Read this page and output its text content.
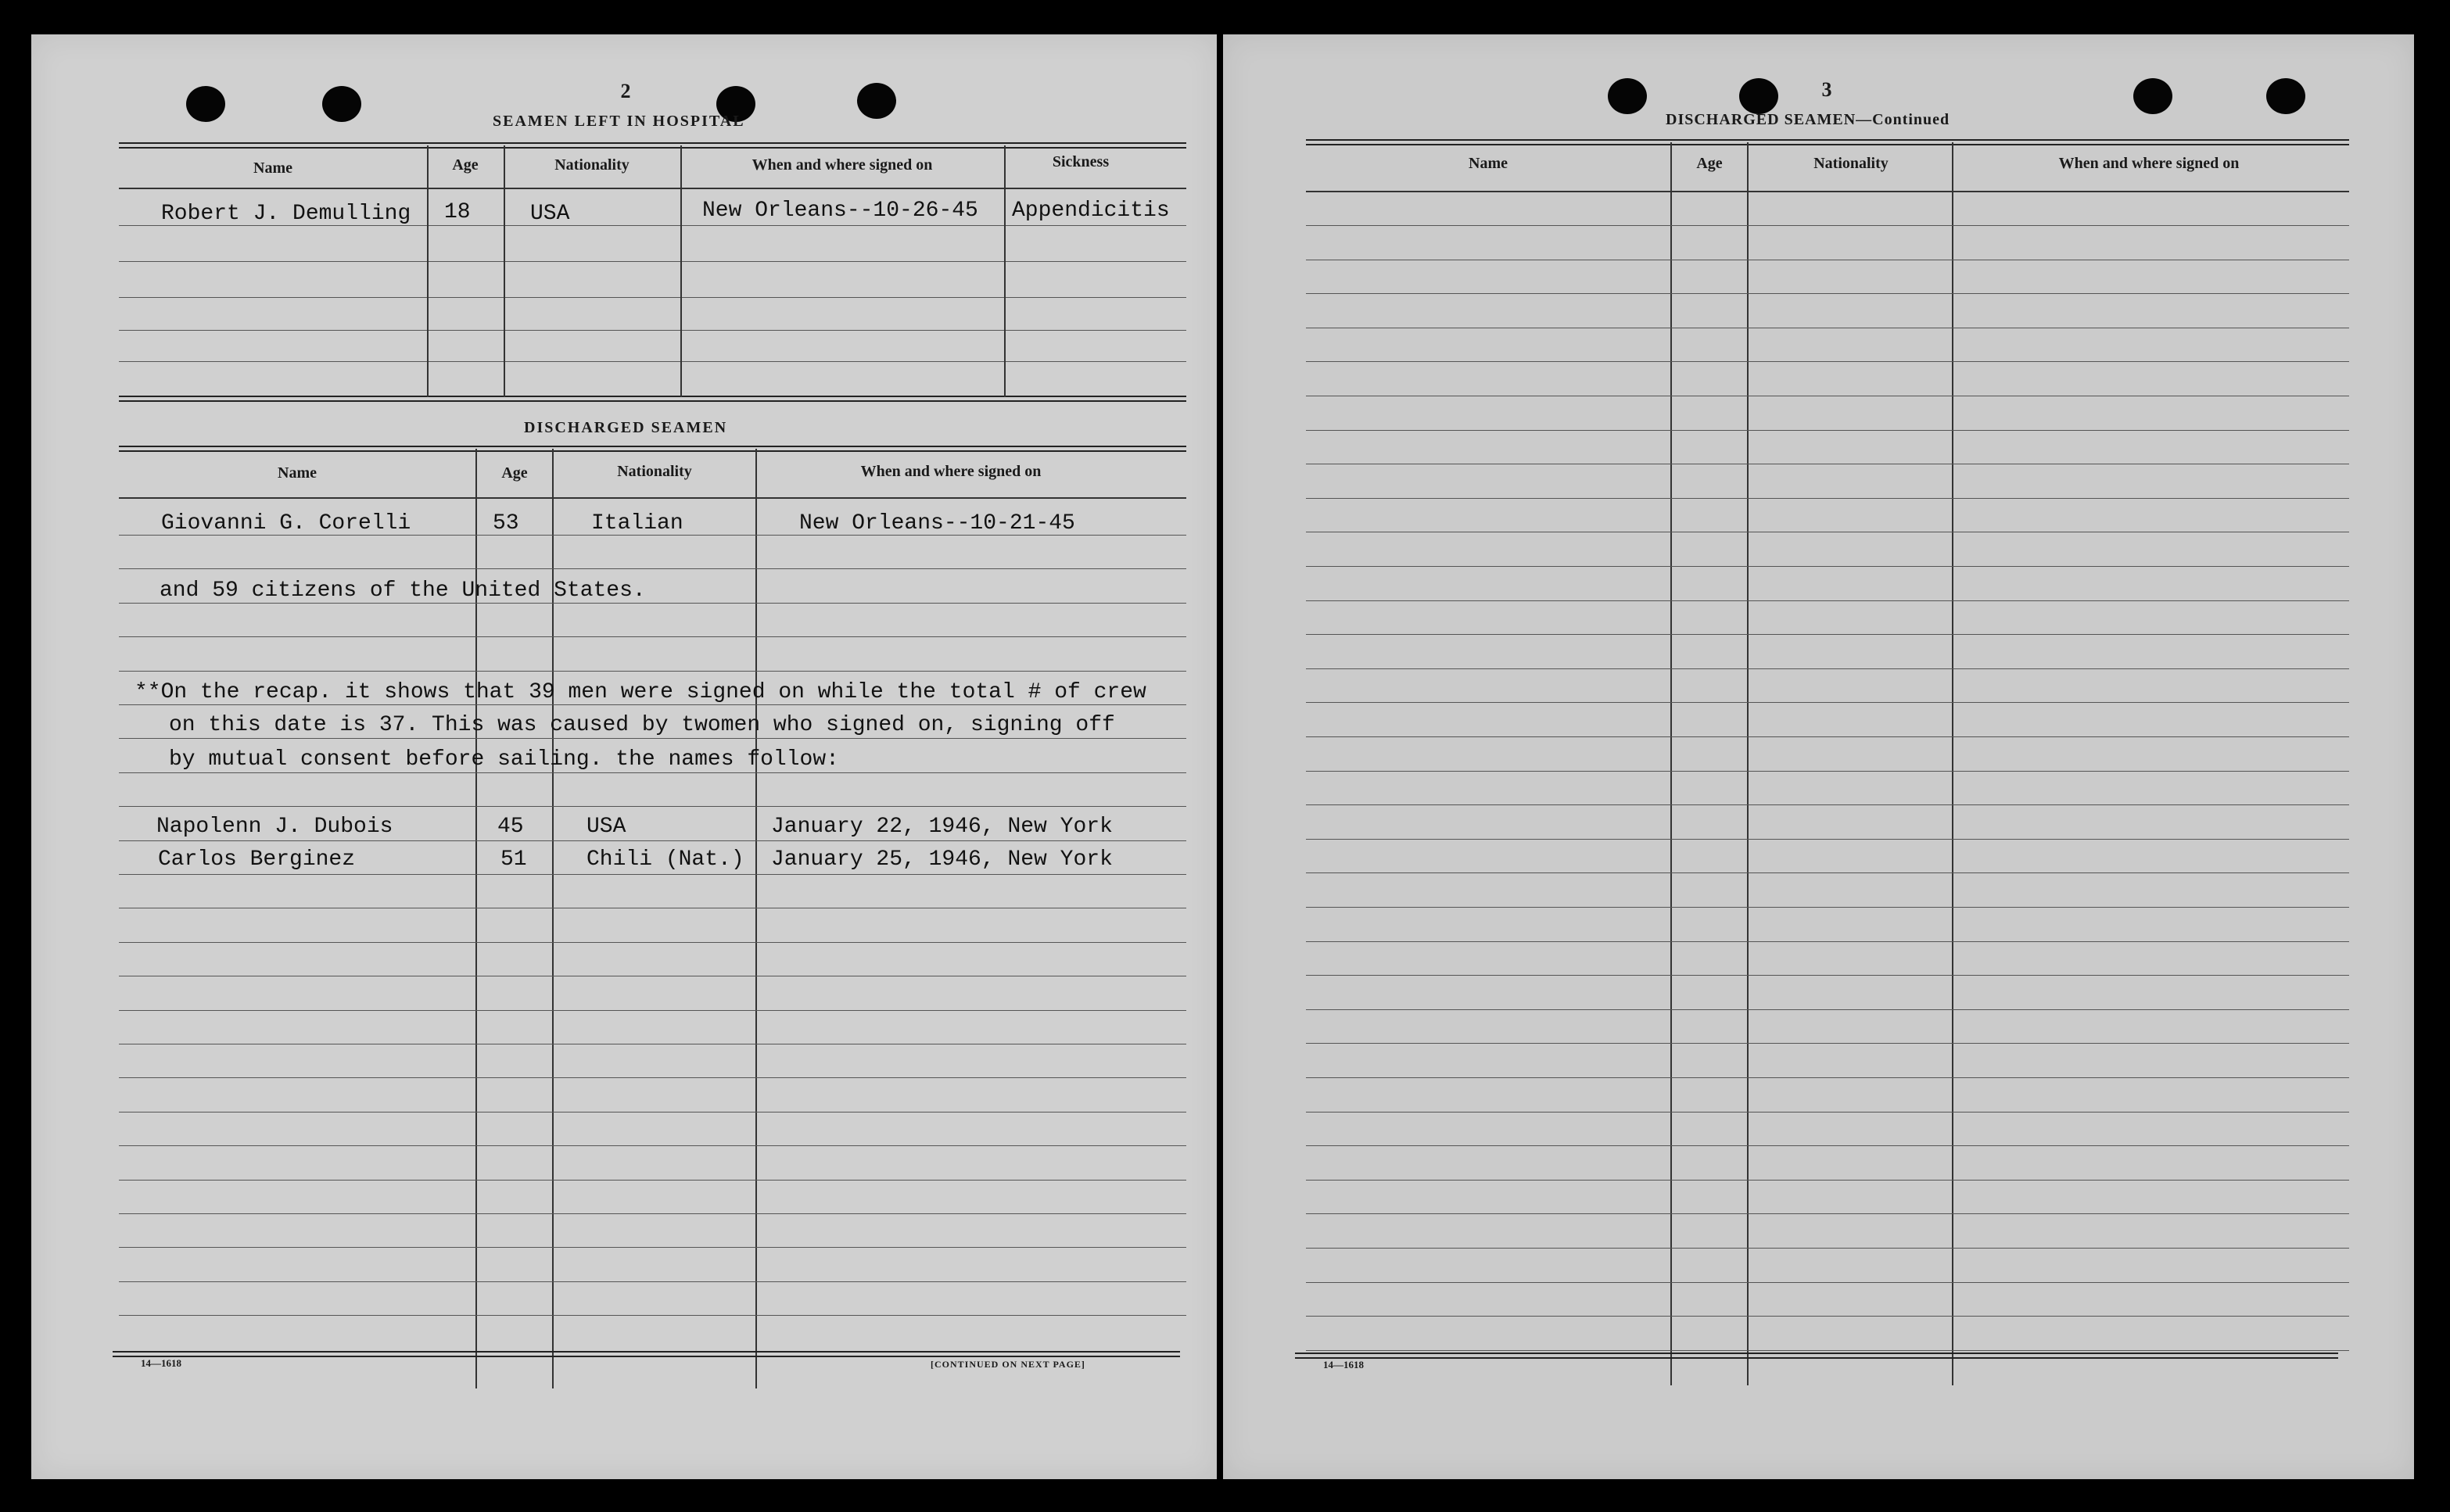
2
SEAMEN LEFT IN HOSPITAL
Name	Age	Nationality	When and where signed on	Sickness
Robert J. Demulling 18	USA	New Orleans--10-26-45 Appendicitis
DISCHARGED SEAMEN
Name	Age	Nationality	When and where signed on
Giovanni G. Corelli	53	Italian	New Orleans--10-21-45
and 59 citizens of the United States.
**On the recap. it shows that 39 men were signed on while the total # of crew
on this date is 37. This was caused by twomen who signed on, signing off
by mutual consent before sailing. the names follow:
Napolenn J. Dubois	45	USA	January 22, 1946, New York
Carlos Berginez	51	Chili (Nat.) January 25, 1946, New York
14—1618	[CONTINUED ON NEXT PAGE]
3
DISCHARGED SEAMEN—Continued
Name	Age	Nationality	When and where signed on
14—1618
